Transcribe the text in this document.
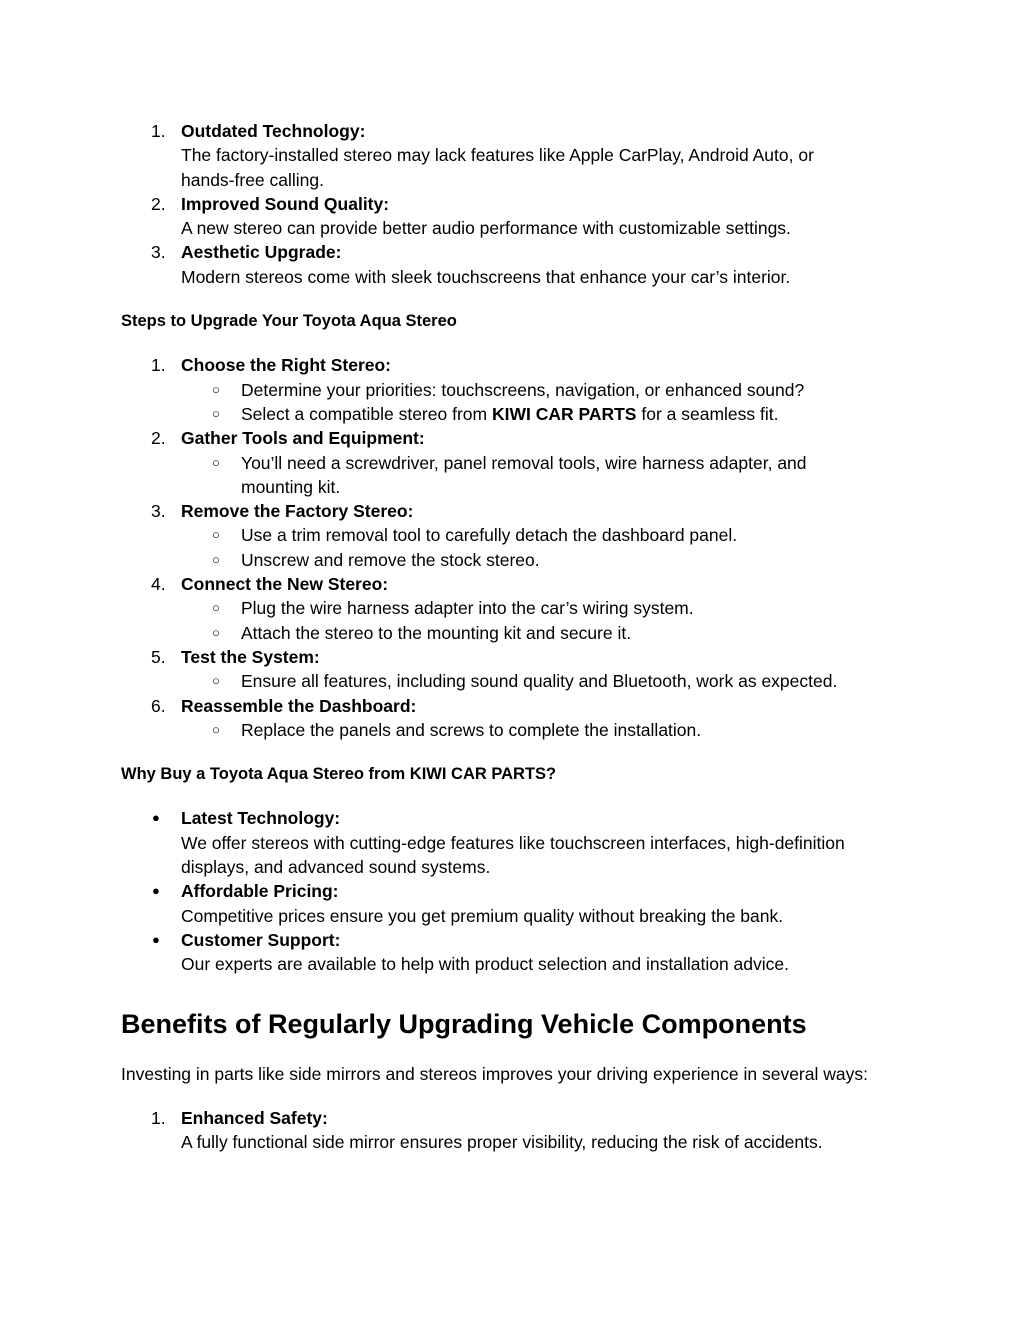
1. Outdated Technology:
The factory-installed stereo may lack features like Apple CarPlay, Android Auto, or
hands-free calling.
2. Improved Sound Quality:
A new stereo can provide better audio performance with customizable settings.
3. Aesthetic Upgrade:
Modern stereos come with sleek touchscreens that enhance your car’s interior.
Steps to Upgrade Your Toyota Aqua Stereo
1. Choose the Right Stereo:
○ Determine your priorities: touchscreens, navigation, or enhanced sound?
○ Select a compatible stereo from KIWI CAR PARTS for a seamless fit.
2. Gather Tools and Equipment:
○ You’ll need a screwdriver, panel removal tools, wire harness adapter, and
mounting kit.
3. Remove the Factory Stereo:
○ Use a trim removal tool to carefully detach the dashboard panel.
○ Unscrew and remove the stock stereo.
4. Connect the New Stereo:
○ Plug the wire harness adapter into the car’s wiring system.
○ Attach the stereo to the mounting kit and secure it.
5. Test the System:
○ Ensure all features, including sound quality and Bluetooth, work as expected.
6. Reassemble the Dashboard:
○ Replace the panels and screws to complete the installation.
Why Buy a Toyota Aqua Stereo from KIWI CAR PARTS?
● Latest Technology:
We offer stereos with cutting-edge features like touchscreen interfaces, high-definition
displays, and advanced sound systems.
● Affordable Pricing:
Competitive prices ensure you get premium quality without breaking the bank.
● Customer Support:
Our experts are available to help with product selection and installation advice.
Benefits of Regularly Upgrading Vehicle Components
Investing in parts like side mirrors and stereos improves your driving experience in several ways:
1. Enhanced Safety:
A fully functional side mirror ensures proper visibility, reducing the risk of accidents.
